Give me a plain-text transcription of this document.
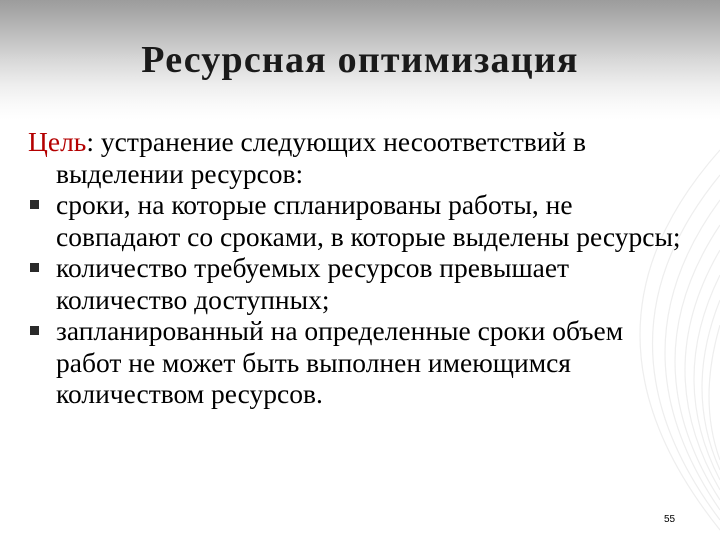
Ресурсная оптимизация

Цель: устранение следующих несоответствий в выделении ресурсов:

сроки, на которые спланированы работы, не совпадают со сроками, в которые выделены ресурсы;
количество требуемых ресурсов превышает количество доступных;
запланированный на определенные сроки объем работ не может быть выполнен имеющимся количеством ресурсов.
55
